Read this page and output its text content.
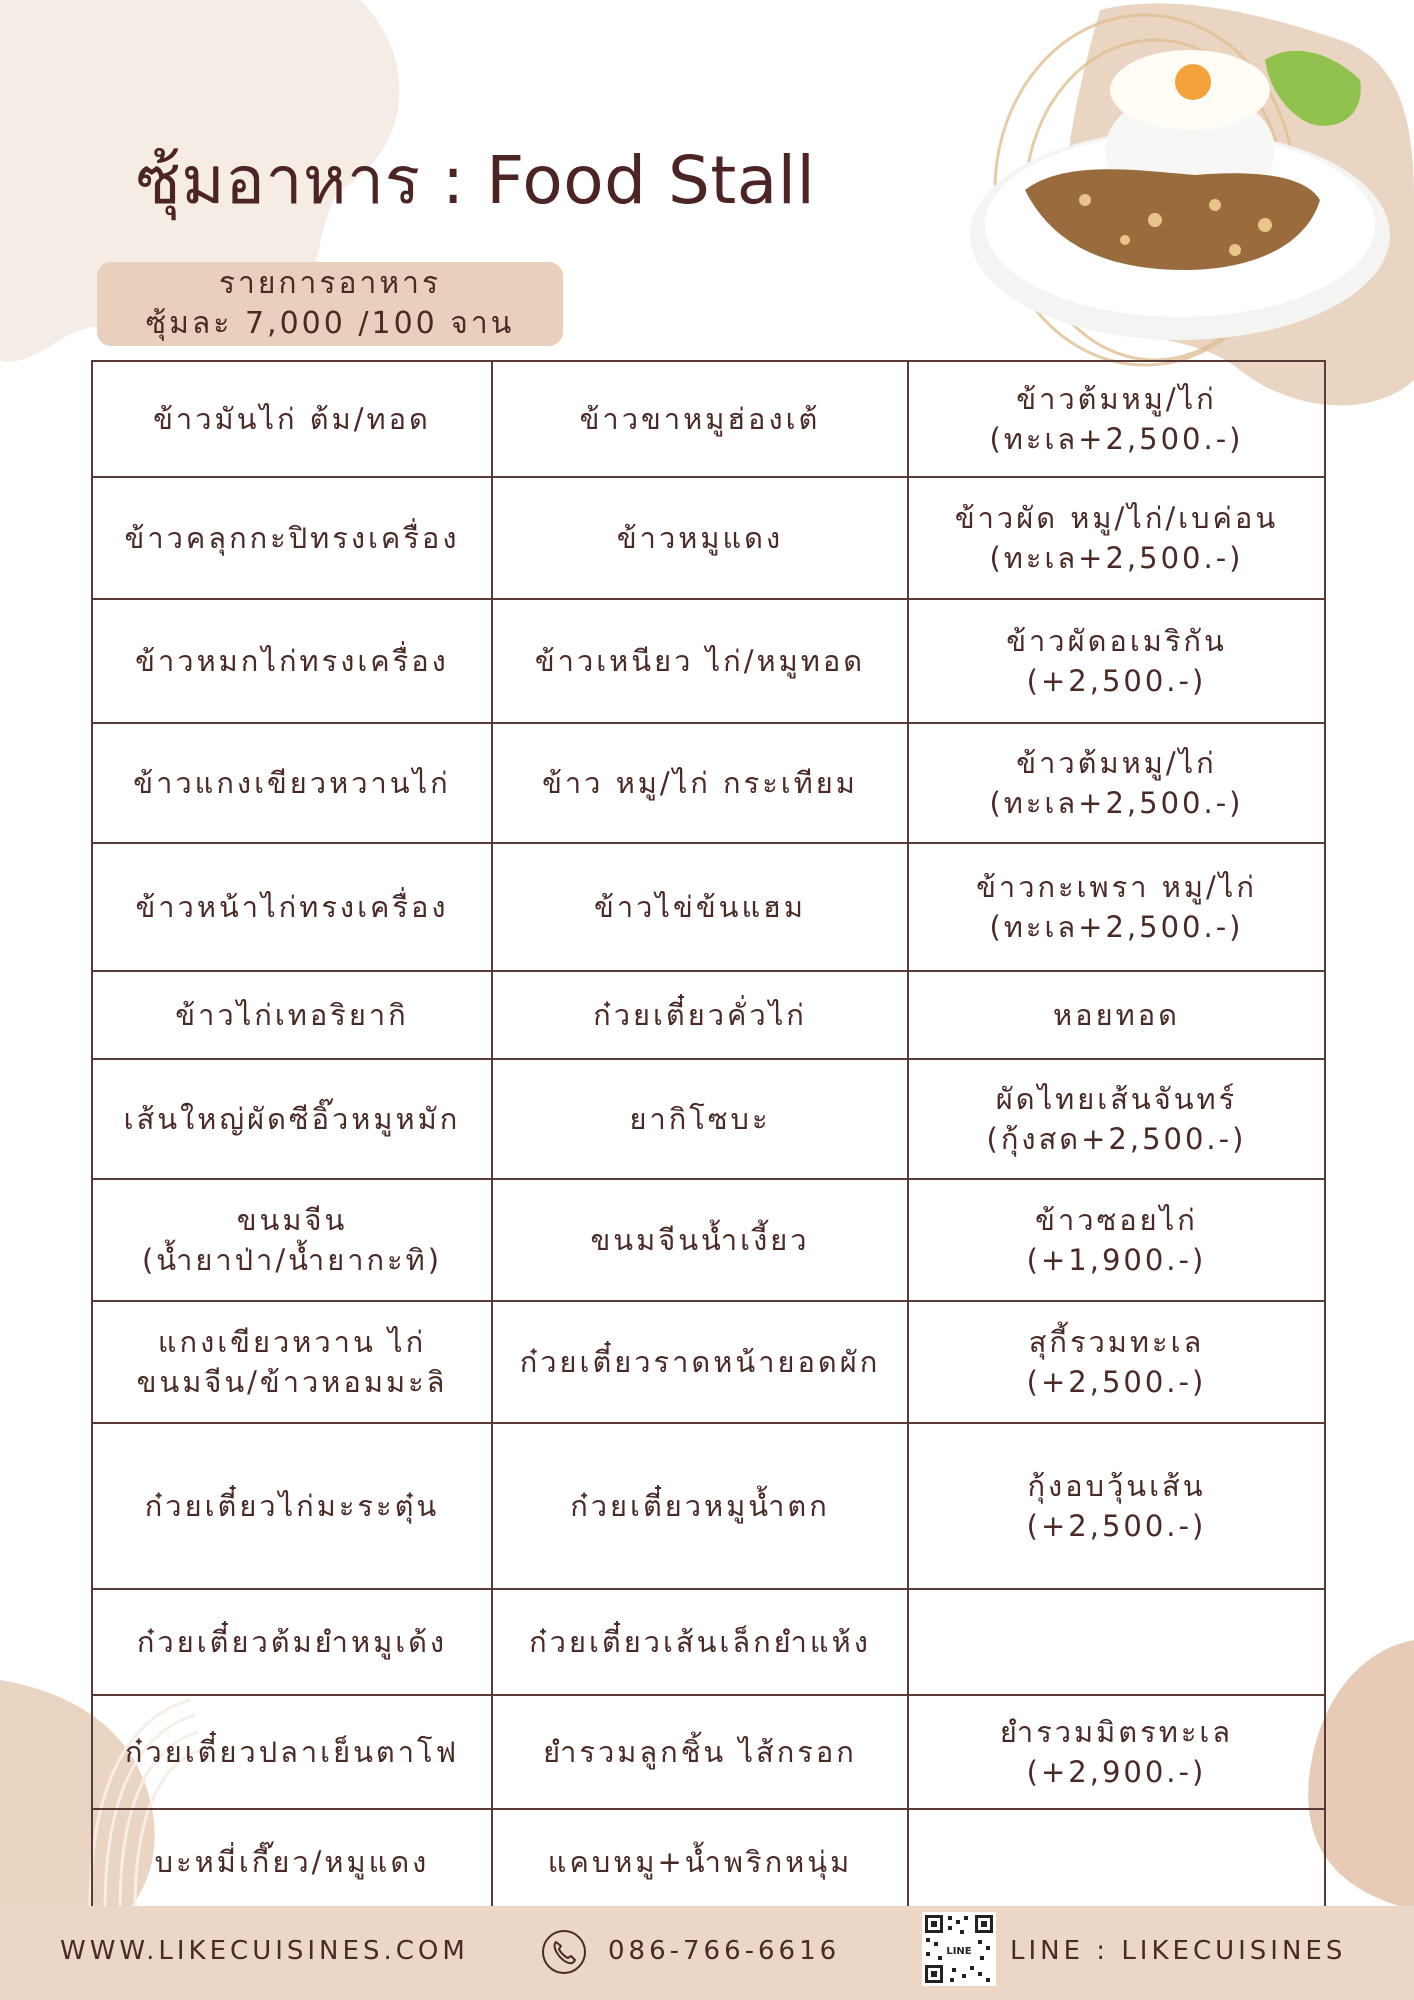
ซุ้มอาหาร : Food Stall
รายการอาหาร
ซุ้มละ 7,000 /100 จาน
ข้าวมันไก่ ต้ม/ทอด	ข้าวขาหมูฮ่องเต้	ข้าวต้มหมู/ไก่
(ทะเล+2,500.-)
ข้าวคลุกกะปิทรงเครื่อง	ข้าวหมูแดง	ข้าวผัด หมู/ไก่/เบค่อน
(ทะเล+2,500.-)
ข้าวหมกไก่ทรงเครื่อง	ข้าวเหนียว ไก่/หมูทอด	ข้าวผัดอเมริกัน
(+2,500.-)
ข้าวแกงเขียวหวานไก่	ข้าว หมู/ไก่ กระเทียม	ข้าวต้มหมู/ไก่
(ทะเล+2,500.-)
ข้าวหน้าไก่ทรงเครื่อง	ข้าวไข่ข้นแฮม	ข้าวกะเพรา หมู/ไก่
(ทะเล+2,500.-)
ข้าวไก่เทอริยากิ	ก๋วยเตี๋ยวคั่วไก่	หอยทอด
เส้นใหญ่ผัดซีอิ๊วหมูหมัก	ยากิโซบะ	ผัดไทยเส้นจันทร์
(กุ้งสด+2,500.-)
ขนมจีน
(น้ำยาป่า/น้ำยากะทิ)	ขนมจีนน้ำเงี้ยว	ข้าวซอยไก่
(+1,900.-)
แกงเขียวหวาน ไก่
ขนมจีน/ข้าวหอมมะลิ	ก๋วยเตี๋ยวราดหน้ายอดผัก	สุกี้รวมทะเล
(+2,500.-)
ก๋วยเตี๋ยวไก่มะระตุ๋น	ก๋วยเตี๋ยวหมูน้ำตก	กุ้งอบวุ้นเส้น
(+2,500.-)
ก๋วยเตี๋ยวต้มยำหมูเด้ง	ก๋วยเตี๋ยวเส้นเล็กยำแห้ง	
ก๋วยเตี๋ยวปลาเย็นตาโฟ	ยำรวมลูกชิ้น ไส้กรอก	ยำรวมมิตรทะเล
(+2,900.-)
บะหมี่เกี๊ยว/หมูแดง	แคบหมู+น้ำพริกหนุ่ม	
WWW.LIKECUISINES.COM	086-766-6616	LINE LINE : LIKECUISINES
